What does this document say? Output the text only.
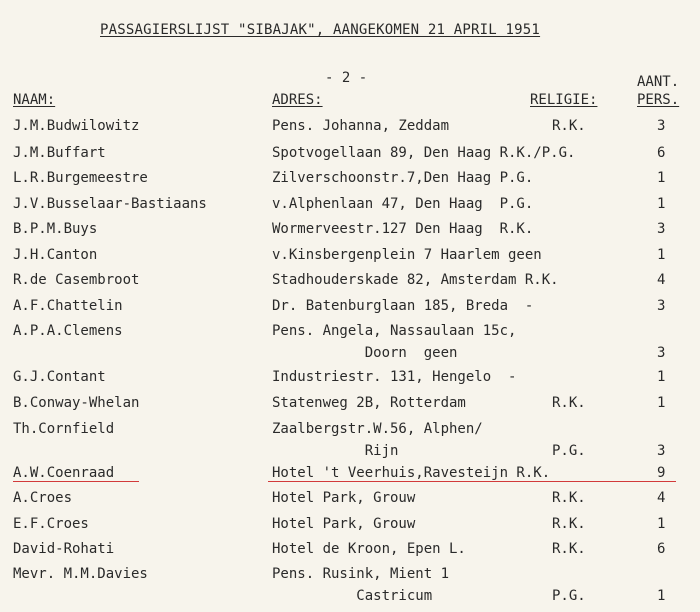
PASSAGIERSLIJST "SIBAJAK", AANGEKOMEN 21 APRIL 1951
- 2 -
NAAM:	ADRES:	RELIGIE:
AANT.
PERS.
J.M.Budwilowitz	Pens. Johanna, Zeddam	R.K.	3
J.M.Buffart	Spotvogellaan 89, Den Haag R.K./P.G.	6
L.R.Burgemeestre	Zilverschoonstr.7,Den Haag P.G.	1
J.V.Busselaar-Bastiaans	v.Alphenlaan 47, Den Haag  P.G.	1
B.P.M.Buys	Wormerveestr.127 Den Haag  R.K.	3
J.H.Canton	v.Kinsbergenplein 7 Haarlem geen	1
R.de Casembroot	Stadhouderskade 82, Amsterdam R.K.	4
A.F.Chattelin	Dr. Batenburglaan 185, Breda  -	3
A.P.A.Clemens	Pens. Angela, Nassaulaan 15c,
Doorn  geen	3
G.J.Contant	Industriestr. 131, Hengelo  -	1
B.Conway-Whelan	Statenweg 2B, Rotterdam	R.K.	1
Th.Cornfield	Zaalbergstr.W.56, Alphen/
Rijn	P.G.	3
A.W.Coenraad	Hotel 't Veerhuis,Ravesteijn R.K.	9
A.Croes	Hotel Park, Grouw	R.K.	4
E.F.Croes	Hotel Park, Grouw	R.K.	1
David-Rohati	Hotel de Kroon, Epen L.	R.K.	6
Mevr. M.M.Davies	Pens. Rusink, Mient 1
Castricum	P.G.	1
